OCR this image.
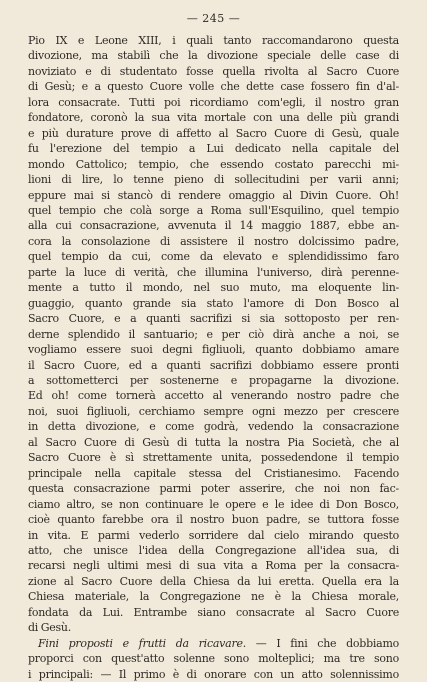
— 245 —
Pio IX e Leone XIII, i quali tanto raccomandarono questa
divozione, ma stabilì che la divozione speciale delle case di
noviziato e di studentato fosse quella rivolta al Sacro Cuore
di Gesù; e a questo Cuore volle che dette case fossero fin d'al-
lora consacrate. Tutti poi ricordiamo com'egli, il nostro gran
fondatore, coronò la sua vita mortale con una delle più grandi
e più durature prove di affetto al Sacro Cuore di Gesù, quale
fu l'erezione del tempio a Lui dedicato nella capitale del
mondo Cattolico; tempio, che essendo costato parecchi mi-
lioni di lire, lo tenne pieno di sollecitudini per varii anni;
eppure mai si stancò di rendere omaggio al Divin Cuore. Oh!
quel tempio che colà sorge a Roma sull'Esquilino, quel tempio
alla cui consacrazione, avvenuta il 14 maggio 1887, ebbe an-
cora la consolazione di assistere il nostro dolcissimo padre,
quel tempio da cui, come da elevato e splendidissimo faro
parte la luce di verità, che illumina l'universo, dirà perenne-
mente a tutto il mondo, nel suo muto, ma eloquente lin-
guaggio, quanto grande sia stato l'amore di Don Bosco al
Sacro Cuore, e a quanti sacrifizi si sia sottoposto per ren-
derne splendido il santuario; e per ciò dirà anche a noi, se
vogliamo essere suoi degni figliuoli, quanto dobbiamo amare
il Sacro Cuore, ed a quanti sacrifizi dobbiamo essere pronti
a sottometterci per sostenerne e propagarne la divozione.
Ed oh! come tornerà accetto al venerando nostro padre che
noi, suoi figliuoli, cerchiamo sempre ogni mezzo per crescere
in detta divozione, e come godrà, vedendo la consacrazione
al Sacro Cuore di Gesù di tutta la nostra Pia Società, che al
Sacro Cuore è sì strettamente unita, possedendone il tempio
principale nella capitale stessa del Cristianesimo. Facendo
questa consacrazione parmi poter asserire, che noi non fac-
ciamo altro, se non continuare le opere e le idee di Don Bosco,
cioè quanto farebbe ora il nostro buon padre, se tuttora fosse
in vita. E parmi vederlo sorridere dal cielo mirando questo
atto, che unisce l'idea della Congregazione all'idea sua, di
recarsi negli ultimi mesi di sua vita a Roma per la consacra-
zione al Sacro Cuore della Chiesa da lui eretta. Quella era la
Chiesa materiale, la Congregazione ne è la Chiesa morale,
fondata da Lui. Entrambe siano consacrate al Sacro Cuore
di Gesù.
Fini proposti e frutti da ricavare. — I fini che dobbiamo
proporci con quest'atto solenne sono molteplici; ma tre sono
i principali: — Il primo è di onorare con un atto solennissimo
